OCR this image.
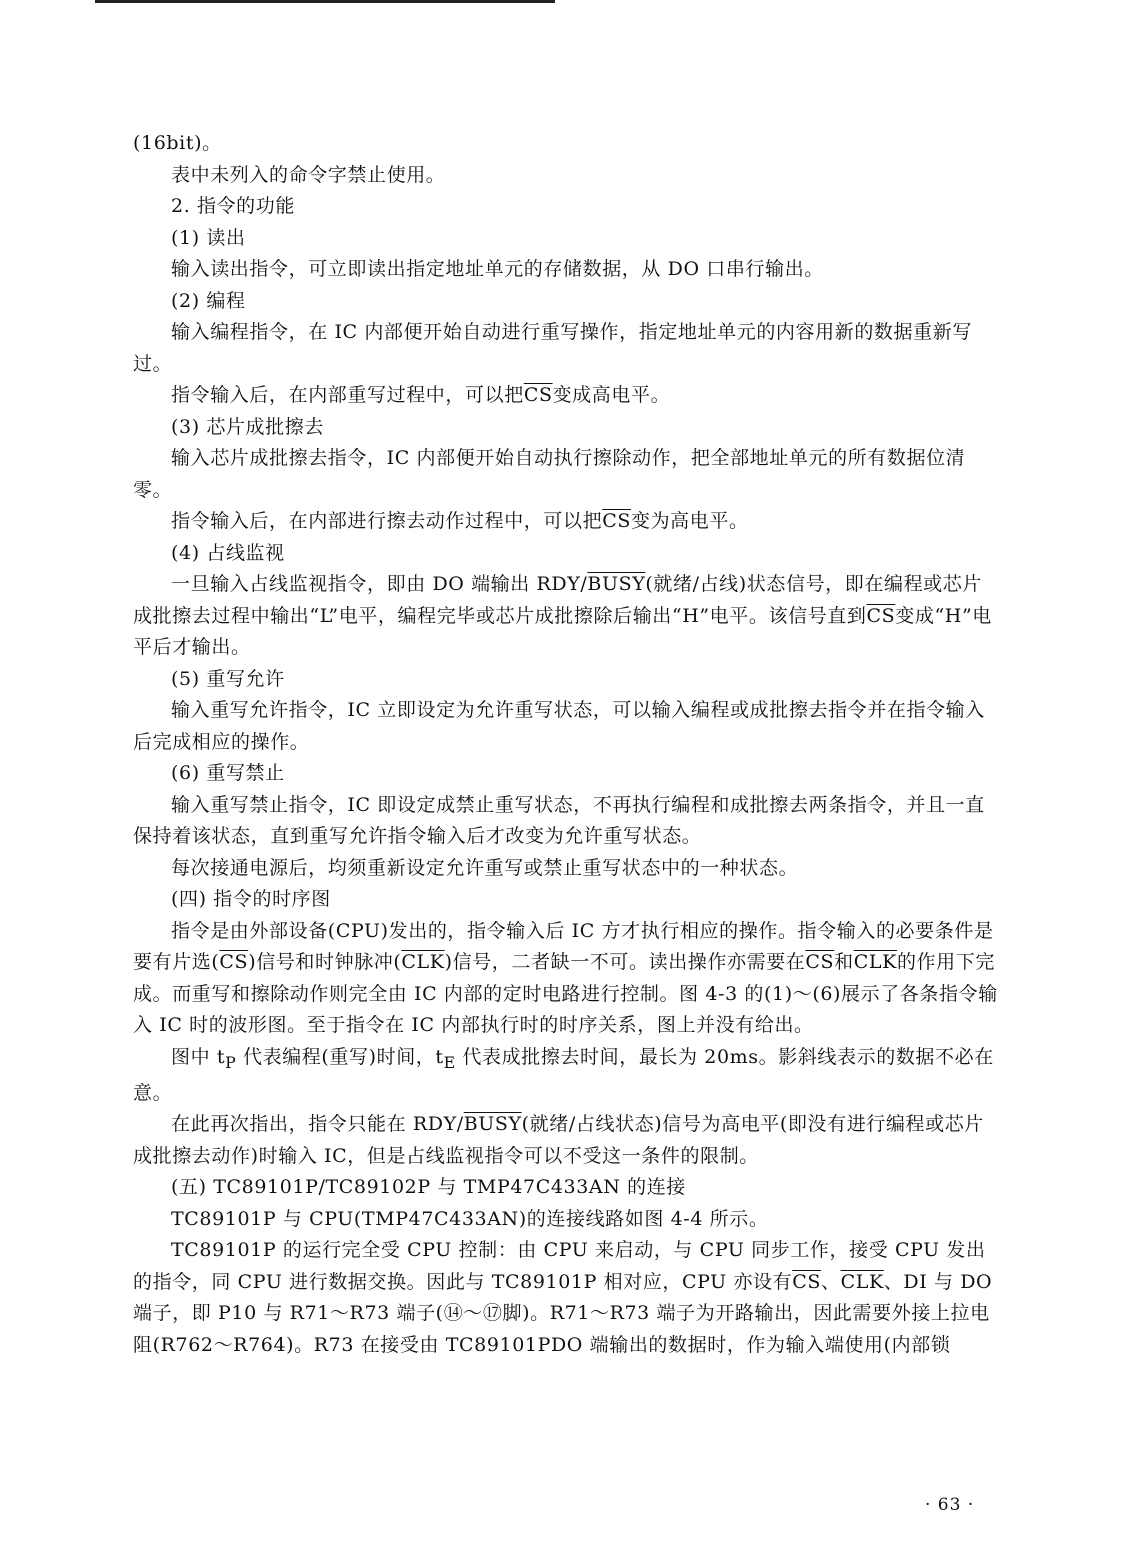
(16bit)。

表中未列入的命令字禁止使用。

2. 指令的功能

(1) 读出

输入读出指令，可立即读出指定地址单元的存储数据，从 DO 口串行输出。

(2) 编程

输入编程指令，在 IC 内部便开始自动进行重写操作，指定地址单元的内容用新的数据重新写过。

指令输入后，在内部重写过程中，可以把$\overline{CS}$变成高电平。

(3) 芯片成批擦去

输入芯片成批擦去指令，IC 内部便开始自动执行擦除动作，把全部地址单元的所有数据位清零。

指令输入后，在内部进行擦去动作过程中，可以把$\overline{CS}$变为高电平。

(4) 占线监视

一旦输入占线监视指令，即由 DO 端输出 RDY/BUSY(就绪/占线)状态信号，即在编程或芯片成批擦去过程中输出“L”电平，编程完毕或芯片成批擦除后输出“H”电平。该信号直到$\overline{CS}$变成“H”电平后才输出。

(5) 重写允许

输入重写允许指令，IC 立即设定为允许重写状态，可以输入编程或成批擦去指令并在指令输入后完成相应的操作。

(6) 重写禁止

输入重写禁止指令，IC 即设定成禁止重写状态，不再执行编程和成批擦去两条指令，并且一直保持着该状态，直到重写允许指令输入后才改变为允许重写状态。

每次接通电源后，均须重新设定允许重写或禁止重写状态中的一种状态。

(四) 指令的时序图

指令是由外部设备(CPU)发出的，指令输入后 IC 方才执行相应的操作。指令输入的必要条件是要有片选$(\overline{CS})$信号和时钟脉冲$(\overline{CLK})$信号，二者缺一不可。读出操作亦需要在$\overline{CS}$和$\overline{CLK}$的作用下完成。而重写和擦除动作则完全由 IC 内部的定时电路进行控制。图 4-3 的(1)～(6)展示了各条指令输入 IC 时的波形图。至于指令在 IC 内部执行时的时序关系，图上并没有给出。

图中 $t_P$ 代表编程(重写)时间，$t_E$ 代表成批擦去时间，最长为 20ms。影斜线表示的数据不必在意。

在此再次指出，指令只能在 RDY/BUSY(就绪/占线状态)信号为高电平(即没有进行编程或芯片成批擦去动作)时输入 IC，但是占线监视指令可以不受这一条件的限制。

(五) TC89101P/TC89102P 与 TMP47C433AN 的连接

TC89101P 与 CPU(TMP47C433AN)的连接线路如图 4-4 所示。

TC89101P 的运行完全受 CPU 控制：由 CPU 来启动，与 CPU 同步工作，接受 CPU 发出的指令，同 CPU 进行数据交换。因此与 TC89101P 相对应，CPU 亦设有$\overline{CS}$、$\overline{CLK}$、DI 与 DO 端子，即 P10 与 R71～R73 端子(⑭～⑰脚)。R71～R73 端子为开路输出，因此需要外接上拉电阻(R762～R764)。R73 在接受由 TC89101PDO 端输出的数据时，作为输入端使用(内部锁

· 63 ·
